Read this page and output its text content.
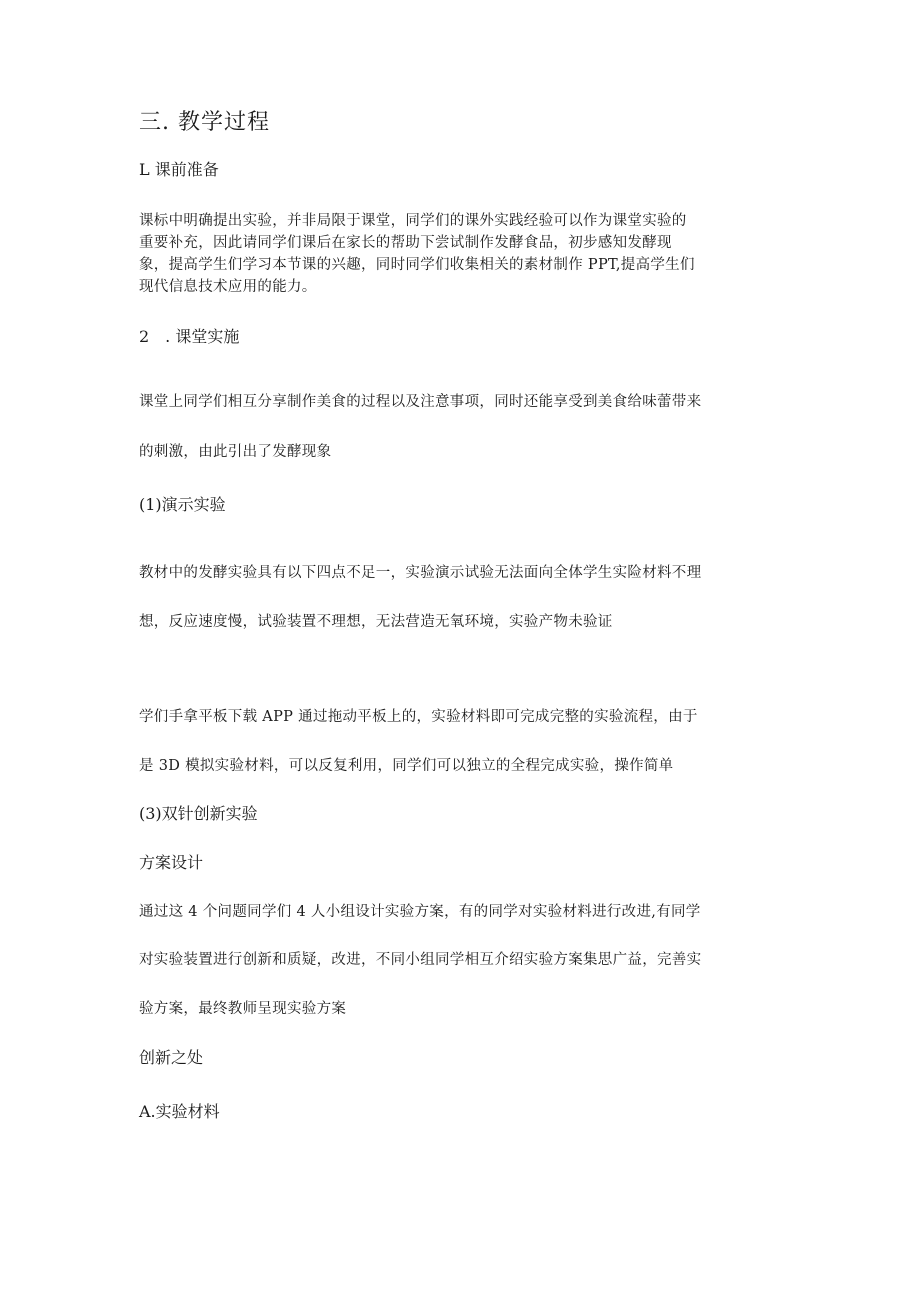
三. 教学过程
L 课前准备
课标中明确提出实验，并非局限于课堂，同学们的课外实践经验可以作为课堂实验的
重要补充，因此请同学们课后在家长的帮助下尝试制作发酵食品，初步感知发酵现
象，提高学生们学习本节课的兴趣，同时同学们收集相关的素材制作 PPT,提高学生们
现代信息技术应用的能力。
2　. 课堂实施
课堂上同学们相互分享制作美食的过程以及注意事项，同时还能享受到美食给味蕾带来
的刺激，由此引出了发酵现象
(1)演示实验
教材中的发酵实验具有以下四点不足一，实验演示试验无法面向全体学生实险材料不理
想，反应速度慢，试验装置不理想，无法营造无氧环境，实验产物未验证
学们手拿平板下载 APP 通过拖动平板上的，实验材料即可完成完整的实验流程，由于
是 3D 模拟实验材料，可以反复利用，同学们可以独立的全程完成实验，操作简单
(3)双针创新实验
方案设计
通过这 4 个问题同学们 4 人小组设计实验方案，有的同学对实验材料进行改进,有同学
对实验装置进行创新和质疑，改进，不同小组同学相互介绍实验方案集思广益，完善实
验方案，最终教师呈现实验方案
创新之处
A.实验材料
